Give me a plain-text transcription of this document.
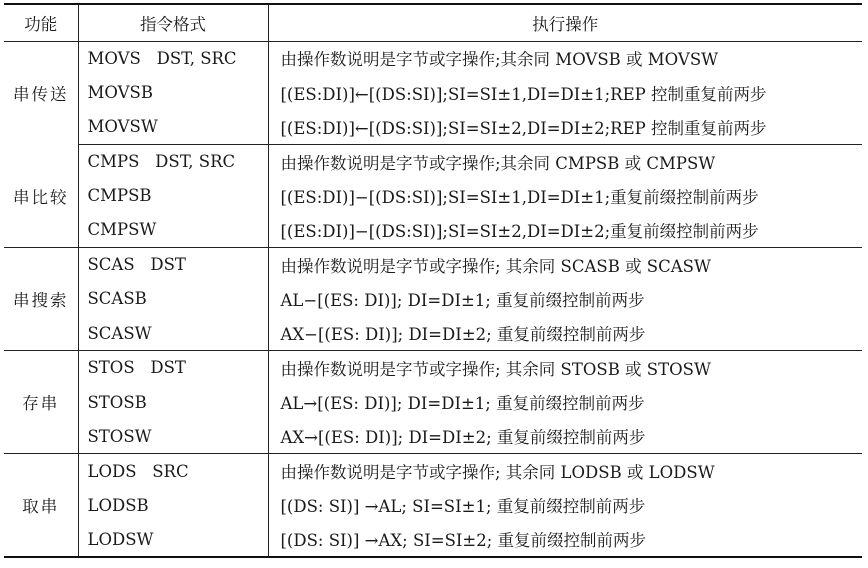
功能	指令格式	执行操作
串传送	MOVS   DST, SRC	由操作数说明是字节或字操作;其余同 MOVSB 或 MOVSW
	MOVSB	[(ES:DI)]←[(DS:SI)];SI=SI±1,DI=DI±1;REP 控制重复前两步
	MOVSW	[(ES:DI)]←[(DS:SI)];SI=SI±2,DI=DI±2;REP 控制重复前两步
串比较	CMPS   DST, SRC	由操作数说明是字节或字操作;其余同 CMPSB 或 CMPSW
	CMPSB	[(ES:DI)]−[(DS:SI)];SI=SI±1,DI=DI±1;重复前缀控制前两步
	CMPSW	[(ES:DI)]−[(DS:SI)];SI=SI±2,DI=DI±2;重复前缀控制前两步
串搜索	SCAS   DST	由操作数说明是字节或字操作; 其余同 SCASB 或 SCASW
	SCASB	AL−[(ES: DI)]; DI=DI±1; 重复前缀控制前两步
	SCASW	AX−[(ES: DI)]; DI=DI±2; 重复前缀控制前两步
存串	STOS   DST	由操作数说明是字节或字操作; 其余同 STOSB 或 STOSW
	STOSB	AL→[(ES: DI)]; DI=DI±1; 重复前缀控制前两步
	STOSW	AX→[(ES: DI)]; DI=DI±2; 重复前缀控制前两步
取串	LODS   SRC	由操作数说明是字节或字操作; 其余同 LODSB 或 LODSW
	LODSB	[(DS: SI)] →AL; SI=SI±1; 重复前缀控制前两步
	LODSW	[(DS: SI)] →AX; SI=SI±2; 重复前缀控制前两步
